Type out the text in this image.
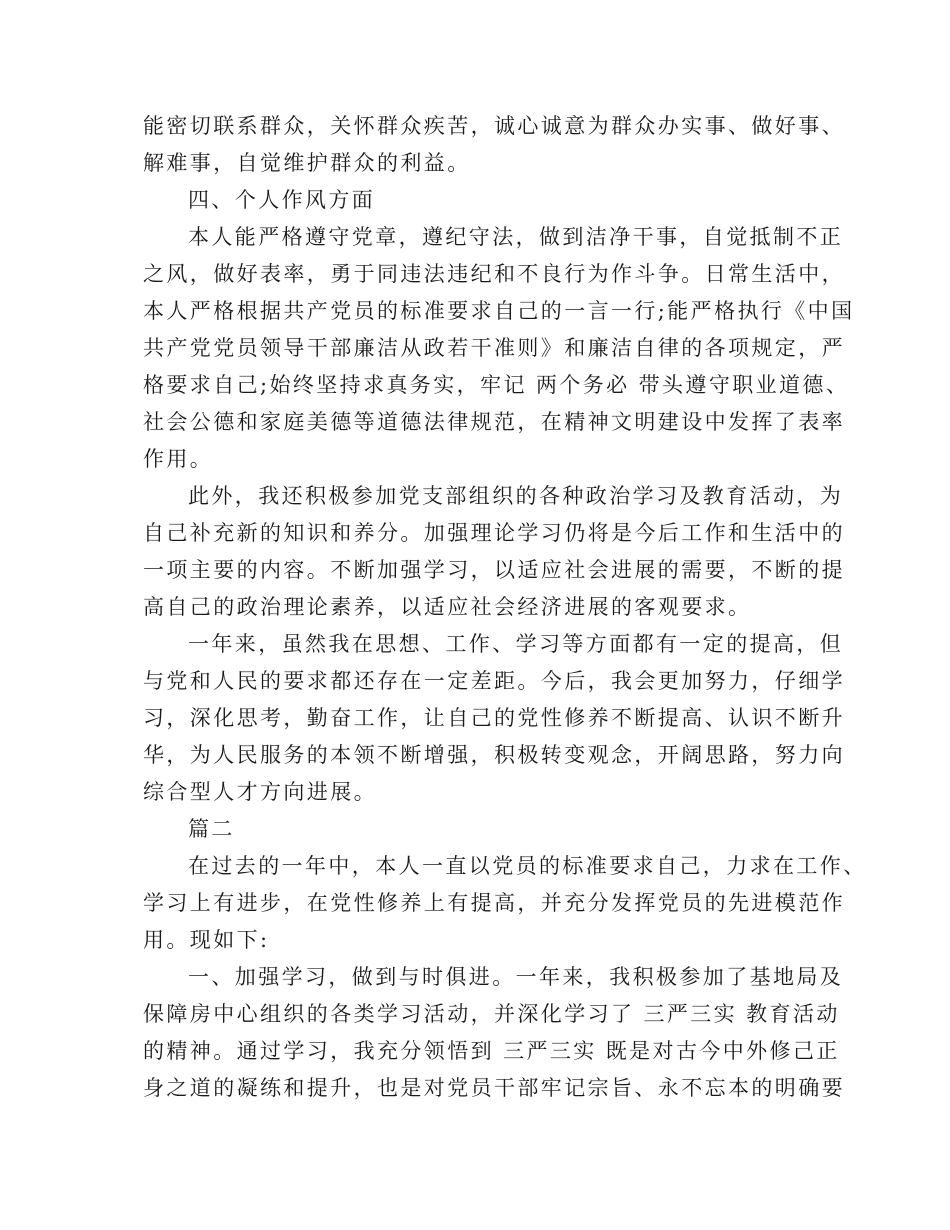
能密切联系群众，关怀群众疾苦，诚心诚意为群众办实事、做好事、
解难事，自觉维护群众的利益。
四、个人作风方面
本人能严格遵守党章，遵纪守法，做到洁净干事，自觉抵制不正
之风，做好表率，勇于同违法违纪和不良行为作斗争。日常生活中，
本人严格根据共产党员的标准要求自己的一言一行;能严格执行《中国
共产党党员领导干部廉洁从政若干准则》和廉洁自律的各项规定，严
格要求自己;始终坚持求真务实，牢记 两个务必 带头遵守职业道德、
社会公德和家庭美德等道德法律规范，在精神文明建设中发挥了表率
作用。
此外，我还积极参加党支部组织的各种政治学习及教育活动，为
自己补充新的知识和养分。加强理论学习仍将是今后工作和生活中的
一项主要的内容。不断加强学习，以适应社会进展的需要，不断的提
高自己的政治理论素养，以适应社会经济进展的客观要求。
一年来，虽然我在思想、工作、学习等方面都有一定的提高，但
与党和人民的要求都还存在一定差距。今后，我会更加努力，仔细学
习，深化思考，勤奋工作，让自己的党性修养不断提高、认识不断升
华，为人民服务的本领不断增强，积极转变观念，开阔思路，努力向
综合型人才方向进展。
篇二
在过去的一年中，本人一直以党员的标准要求自己，力求在工作、
学习上有进步，在党性修养上有提高，并充分发挥党员的先进模范作
用。现如下:
一、加强学习，做到与时俱进。一年来，我积极参加了基地局及
保障房中心组织的各类学习活动，并深化学习了 三严三实 教育活动
的精神。通过学习，我充分领悟到 三严三实 既是对古今中外修己正
身之道的凝练和提升，也是对党员干部牢记宗旨、永不忘本的明确要
